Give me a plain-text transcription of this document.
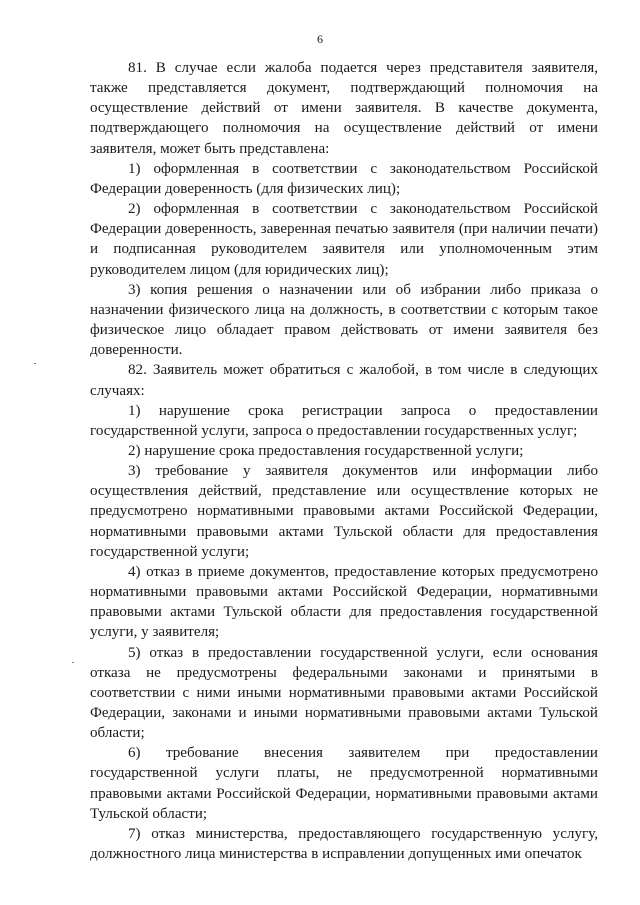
6

81. В случае если жалоба подается через представителя заявителя, также представляется документ, подтверждающий полномочия на осуществление действий от имени заявителя. В качестве документа, подтверждающего полномочия на осуществление действий от имени заявителя, может быть представлена:

1) оформленная в соответствии с законодательством Российской Федерации доверенность (для физических лиц);

2) оформленная в соответствии с законодательством Российской Федерации доверенность, заверенная печатью заявителя (при наличии печати) и подписанная руководителем заявителя или уполномоченным этим руководителем лицом (для юридических лиц);

3) копия решения о назначении или об избрании либо приказа о назначении физического лица на должность, в соответствии с которым такое физическое лицо обладает правом действовать от имени заявителя без доверенности.

82. Заявитель может обратиться с жалобой, в том числе в следующих случаях:

1) нарушение срока регистрации запроса о предоставлении государственной услуги, запроса о предоставлении государственных услуг;

2) нарушение срока предоставления государственной услуги;

3) требование у заявителя документов или информации либо осуществления действий, представление или осуществление которых не предусмотрено нормативными правовыми актами Российской Федерации, нормативными правовыми актами Тульской области для предоставления государственной услуги;

4) отказ в приеме документов, предоставление которых предусмотрено нормативными правовыми актами Российской Федерации, нормативными правовыми актами Тульской области для предоставления государственной услуги, у заявителя;

5) отказ в предоставлении государственной услуги, если основания отказа не предусмотрены федеральными законами и принятыми в соответствии с ними иными нормативными правовыми актами Российской Федерации, законами и иными нормативными правовыми актами Тульской области;

6) требование внесения заявителем при предоставлении государственной услуги платы, не предусмотренной нормативными правовыми актами Российской Федерации, нормативными правовыми актами Тульской области;

7) отказ министерства, предоставляющего государственную услугу, должностного лица министерства в исправлении допущенных ими опечаток
